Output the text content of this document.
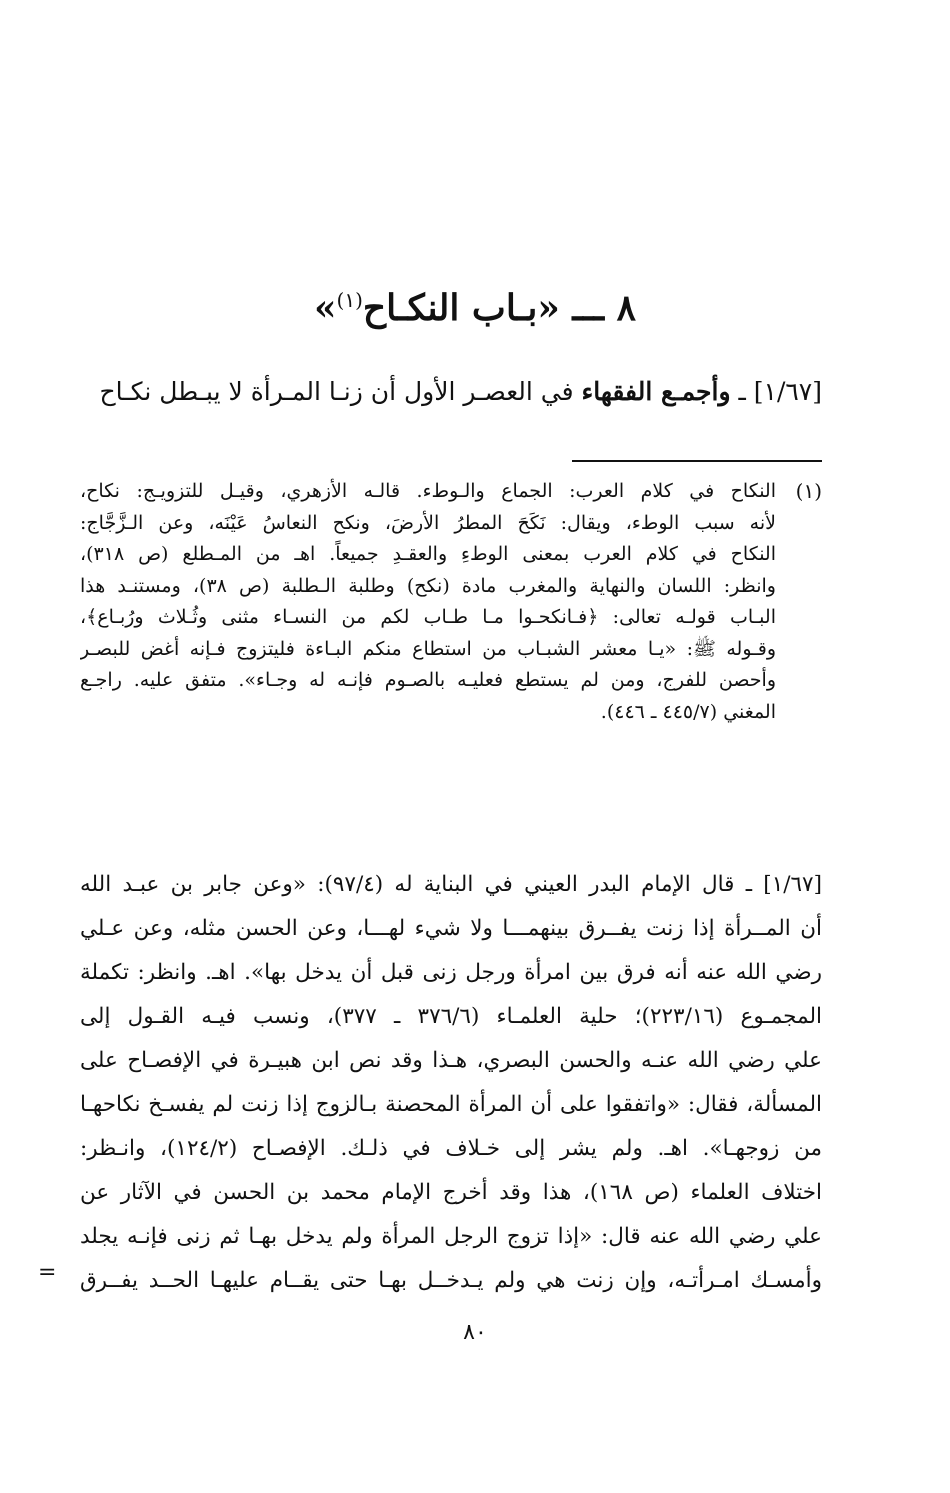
٨ ـــ «بـاب النكـاح$^{(١)}$»
[١/٦٧] ـ وأجمـع الفقهاء في العصـر الأول أن زنـا المـرأة لا يبـطل نكـاح
(١)
النكاح في كلام العرب: الجماع والـوطء. قالـه الأزهري، وقيـل للتزويـج: نكاح،
لأنه سبب الوطء، ويقال: نَكَحَ المطرُ الأرضَ، ونكح النعاسُ عَيْنَه، وعن الـزَّجَّاج:
النكاح في كلام العرب بمعنى الوطءِ والعقـدِ جميعاً. اهـ من المـطلع (ص ٣١٨)،
وانظر: اللسان والنهاية والمغرب مادة (نكح) وطلبة الـطلبة (ص ٣٨)، ومستنـد هذا
البـاب قولـه تعالى: ﴿فـانكحـوا مـا طـاب لكم من النسـاء مثنى وثُـلاث ورُبـاع﴾،
وقـوله ﷺ: «يـا معشر الشبـاب من استطاع منكم البـاءة فليتزوج فـإنه أغض للبصـر
وأحصن للفرج، ومن لم يستطع فعليـه بالصـوم فإنـه له وجـاء». متفق عليه. راجـع
المغني (٤٤٥/٧ ـ ٤٤٦).
[١/٦٧] ـ قال الإمام البدر العيني في البناية له (٩٧/٤): «وعن جابر بن عبـد الله
أن المــرأة إذا زنت يفــرق بينهمـــا ولا شيء لهـــا، وعن الحسن مثله، وعن عـلي
رضي الله عنه أنه فرق بين امرأة ورجل زنى قبل أن يدخل بها». اهـ. وانظر: تكملة
المجمـوع (٢٢٣/١٦)؛ حلية العلمـاء (٣٧٦/٦ ـ ٣٧٧)، ونسب فيـه القـول إلى
علي رضي الله عنـه والحسن البصري، هـذا وقد نص ابن هبيـرة في الإفصـاح على
المسألة، فقال: «واتفقوا على أن المرأة المحصنة بـالزوج إذا زنت لم يفسـخ نكاحهـا
من زوجهـا». اهـ. ولم يشر إلى خـلاف في ذلـك. الإفصـاح (١٢٤/٢)، وانـظر:
اختلاف العلماء (ص ١٦٨)، هذا وقد أخرج الإمام محمد بن الحسن في الآثار عن
علي رضي الله عنه قال: «إذا تزوج الرجل المرأة ولم يدخل بهـا ثم زنى فإنـه يجلد
وأمسـك امـرأتـه، وإن زنت هي ولم يـدخــل بهـا حتى يقــام عليهـا الحــد يفــرق
=
٨٠
